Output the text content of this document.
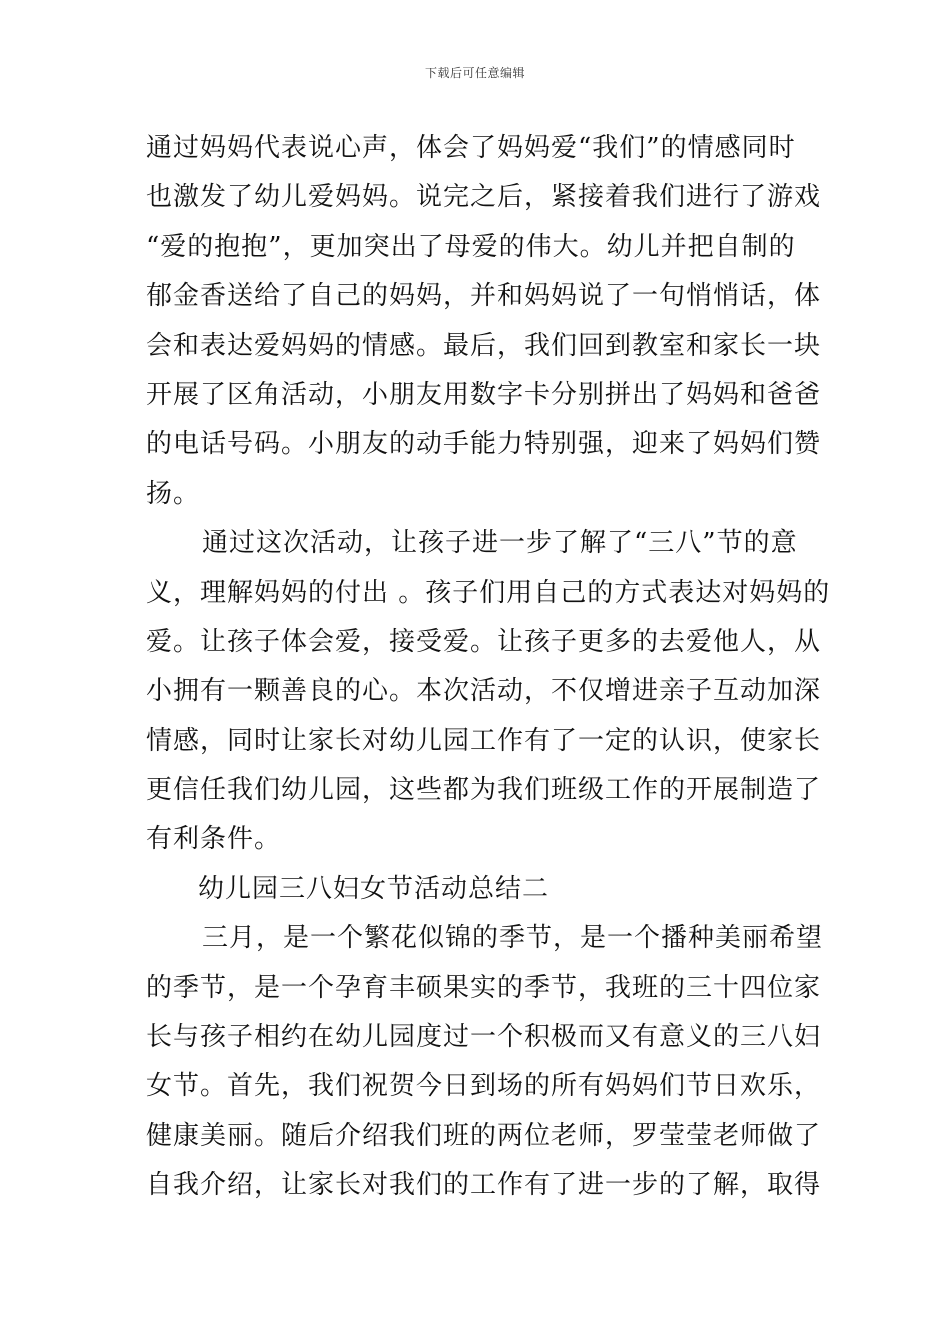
下载后可任意编辑
通过妈妈代表说心声，体会了妈妈爱“我们”的情感同时
也激发了幼儿爱妈妈。说完之后，紧接着我们进行了游戏
“爱的抱抱”，更加突出了母爱的伟大。幼儿并把自制的
郁金香送给了自己的妈妈，并和妈妈说了一句悄悄话，体
会和表达爱妈妈的情感。最后，我们回到教室和家长一块
开展了区角活动，小朋友用数字卡分别拼出了妈妈和爸爸
的电话号码。小朋友的动手能力特别强，迎来了妈妈们赞
扬。
通过这次活动，让孩子进一步了解了“三八”节的意
义，理解妈妈的付出 。孩子们用自己的方式表达对妈妈的
爱。让孩子体会爱，接受爱。让孩子更多的去爱他人，从
小拥有一颗善良的心。本次活动，不仅增进亲子互动加深
情感，同时让家长对幼儿园工作有了一定的认识，使家长
更信任我们幼儿园，这些都为我们班级工作的开展制造了
有利条件。
幼儿园三八妇女节活动总结二
三月，是一个繁花似锦的季节，是一个播种美丽希望
的季节，是一个孕育丰硕果实的季节，我班的三十四位家
长与孩子相约在幼儿园度过一个积极而又有意义的三八妇
女节。首先，我们祝贺今日到场的所有妈妈们节日欢乐，
健康美丽。随后介绍我们班的两位老师，罗莹莹老师做了
自我介绍，让家长对我们的工作有了进一步的了解，取得
